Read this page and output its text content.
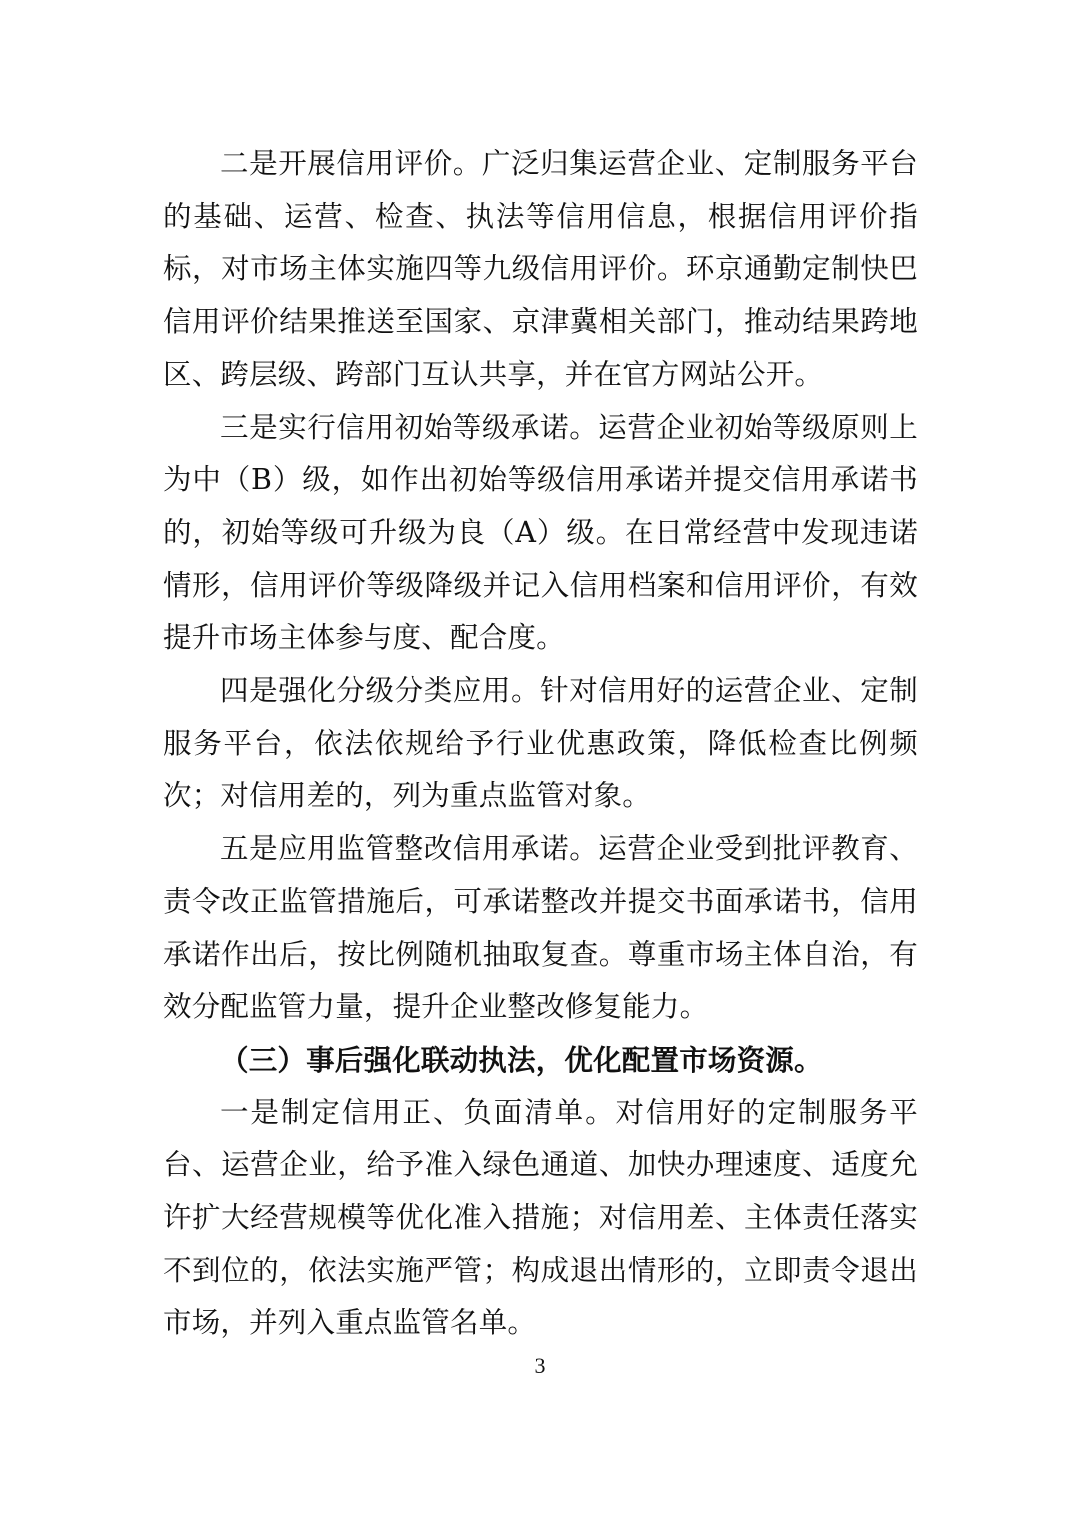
二是开展信用评价。广泛归集运营企业、定制服务平台的基础、运营、检查、执法等信用信息，根据信用评价指标，对市场主体实施四等九级信用评价。环京通勤定制快巴信用评价结果推送至国家、京津冀相关部门，推动结果跨地区、跨层级、跨部门互认共享，并在官方网站公开。

三是实行信用初始等级承诺。运营企业初始等级原则上为中（B）级，如作出初始等级信用承诺并提交信用承诺书的，初始等级可升级为良（A）级。在日常经营中发现违诺情形，信用评价等级降级并记入信用档案和信用评价，有效提升市场主体参与度、配合度。

四是强化分级分类应用。针对信用好的运营企业、定制服务平台，依法依规给予行业优惠政策，降低检查比例频次；对信用差的，列为重点监管对象。

五是应用监管整改信用承诺。运营企业受到批评教育、责令改正监管措施后，可承诺整改并提交书面承诺书，信用承诺作出后，按比例随机抽取复查。尊重市场主体自治，有效分配监管力量，提升企业整改修复能力。

（三）事后强化联动执法，优化配置市场资源。

一是制定信用正、负面清单。对信用好的定制服务平台、运营企业，给予准入绿色通道、加快办理速度、适度允许扩大经营规模等优化准入措施；对信用差、主体责任落实不到位的，依法实施严管；构成退出情形的，立即责令退出市场，并列入重点监管名单。

3
